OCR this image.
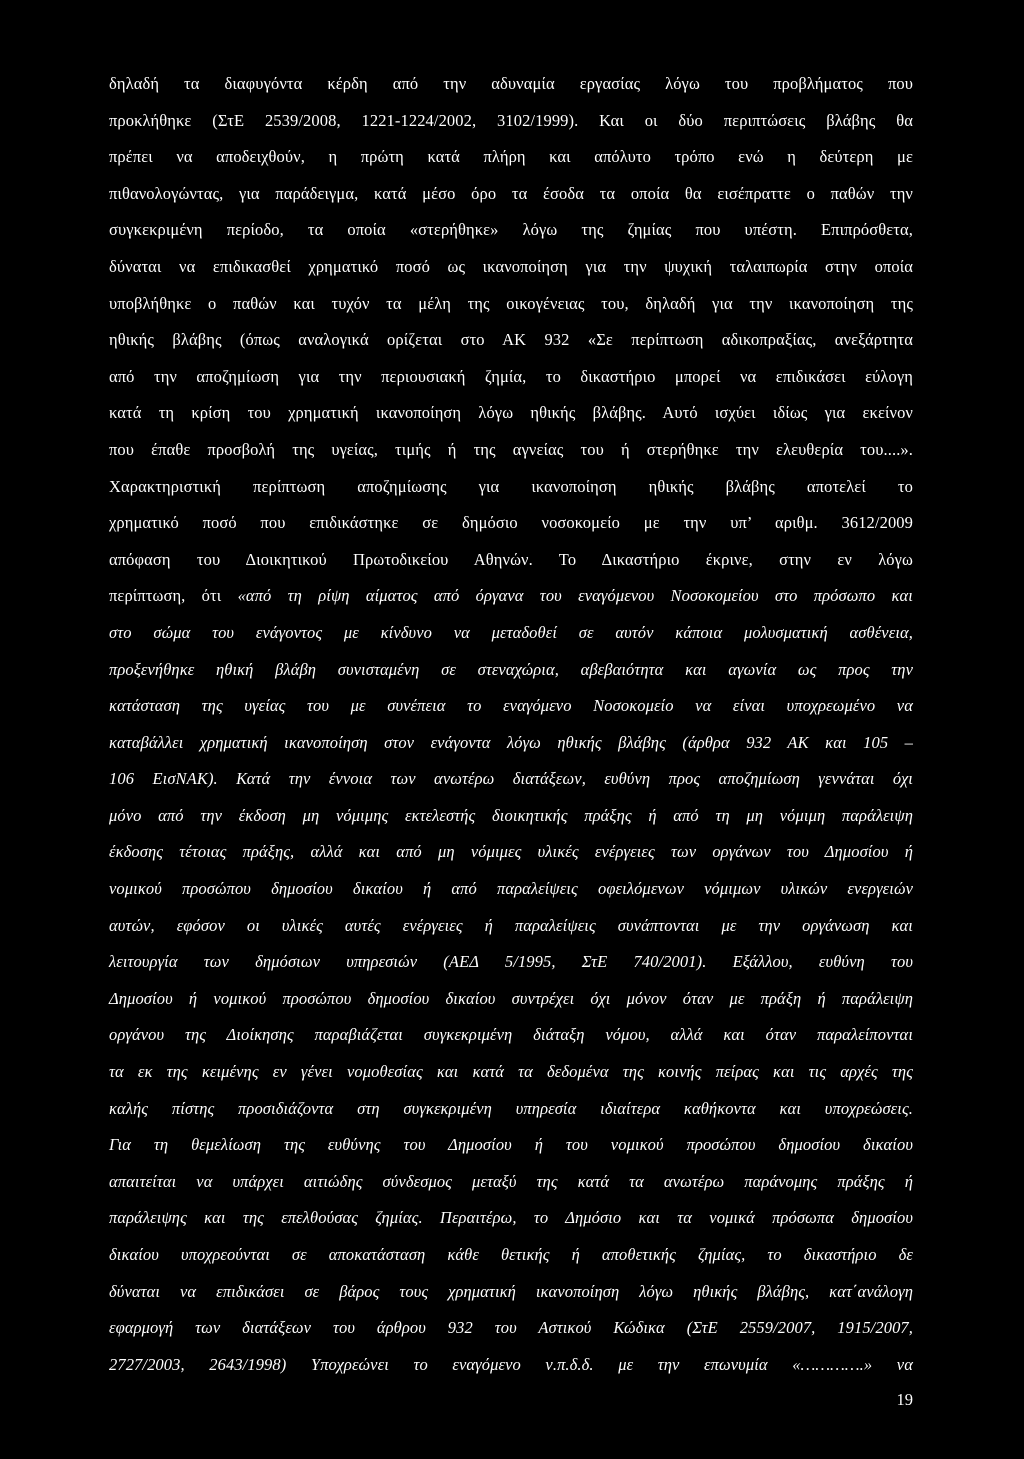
δηλαδή τα διαφυγόντα κέρδη από την αδυναμία εργασίας λόγω του προβλήματος που
προκλήθηκε (ΣτΕ 2539/2008, 1221-1224/2002, 3102/1999). Και οι δύο περιπτώσεις βλάβης θα
πρέπει να αποδειχθούν, η πρώτη κατά πλήρη και απόλυτο τρόπο ενώ η δεύτερη με
πιθανολογώντας, για παράδειγμα, κατά μέσο όρο τα έσοδα τα οποία θα εισέπραττε ο παθών την
συγκεκριμένη περίοδο, τα οποία «στερήθηκε» λόγω της ζημίας που υπέστη. Επιπρόσθετα,
δύναται να επιδικασθεί χρηματικό ποσό ως ικανοποίηση για την ψυχική ταλαιπωρία στην οποία
υποβλήθηκε ο παθών και τυχόν τα μέλη της οικογένειας του, δηλαδή για την ικανοποίηση της
ηθικής βλάβης (όπως αναλογικά ορίζεται στο ΑΚ 932 «Σε περίπτωση αδικοπραξίας, ανεξάρτητα
από την αποζημίωση για την περιουσιακή ζημία, το δικαστήριο μπορεί να επιδικάσει εύλογη
κατά τη κρίση του χρηματική ικανοποίηση λόγω ηθικής βλάβης. Αυτό ισχύει ιδίως για εκείνον
που έπαθε προσβολή της υγείας, τιμής ή της αγνείας του ή στερήθηκε την ελευθερία του....».
Χαρακτηριστική περίπτωση αποζημίωσης για ικανοποίηση ηθικής βλάβης αποτελεί το
χρηματικό ποσό που επιδικάστηκε σε δημόσιο νοσοκομείο με την υπ’ αριθμ. 3612/2009
απόφαση του Διοικητικού Πρωτοδικείου Αθηνών. Το Δικαστήριο έκρινε, στην εν λόγω
περίπτωση, ότι «από τη ρίψη αίματος από όργανα του εναγόμενου Νοσοκομείου στο πρόσωπο και
στο σώμα του ενάγοντος με κίνδυνο να μεταδοθεί σε αυτόν κάποια μολυσματική ασθένεια,
προξενήθηκε ηθική βλάβη συνισταμένη σε στεναχώρια, αβεβαιότητα και αγωνία ως προς την
κατάσταση της υγείας του με συνέπεια το εναγόμενο Νοσοκομείο να είναι υποχρεωμένο να
καταβάλλει χρηματική ικανοποίηση στον ενάγοντα λόγω ηθικής βλάβης (άρθρα 932 ΑΚ και 105 –
106 ΕισΝΑΚ). Κατά την έννοια των ανωτέρω διατάξεων, ευθύνη προς αποζημίωση γεννάται όχι
μόνο από την έκδοση μη νόμιμης εκτελεστής διοικητικής πράξης ή από τη μη νόμιμη παράλειψη
έκδοσης τέτοιας πράξης, αλλά και από μη νόμιμες υλικές ενέργειες των οργάνων του Δημοσίου ή
νομικού προσώπου δημοσίου δικαίου ή από παραλείψεις οφειλόμενων νόμιμων υλικών ενεργειών
αυτών, εφόσον οι υλικές αυτές ενέργειες ή παραλείψεις συνάπτονται με την οργάνωση και
λειτουργία των δημόσιων υπηρεσιών (ΑΕΔ 5/1995, ΣτΕ 740/2001). Εξάλλου, ευθύνη του
Δημοσίου ή νομικού προσώπου δημοσίου δικαίου συντρέχει όχι μόνον όταν με πράξη ή παράλειψη
οργάνου της Διοίκησης παραβιάζεται συγκεκριμένη διάταξη νόμου, αλλά και όταν παραλείπονται
τα εκ της κειμένης εν γένει νομοθεσίας και κατά τα δεδομένα της κοινής πείρας και τις αρχές της
καλής πίστης προσιδιάζοντα στη συγκεκριμένη υπηρεσία ιδιαίτερα καθήκοντα και υποχρεώσεις.
Για τη θεμελίωση της ευθύνης του Δημοσίου ή του νομικού προσώπου δημοσίου δικαίου
απαιτείται να υπάρχει αιτιώδης σύνδεσμος μεταξύ της κατά τα ανωτέρω παράνομης πράξης ή
παράλειψης και της επελθούσας ζημίας. Περαιτέρω, το Δημόσιο και τα νομικά πρόσωπα δημοσίου
δικαίου υποχρεούνται σε αποκατάσταση κάθε θετικής ή αποθετικής ζημίας, το δικαστήριο δε
δύναται να επιδικάσει σε βάρος τους χρηματική ικανοποίηση λόγω ηθικής βλάβης, κατ΄ανάλογη
εφαρμογή των διατάξεων του άρθρου 932 του Αστικού Κώδικα (ΣτΕ 2559/2007, 1915/2007,
2727/2003, 2643/1998) Υποχρεώνει το εναγόμενο ν.π.δ.δ. με την επωνυμία «………….» να
19
